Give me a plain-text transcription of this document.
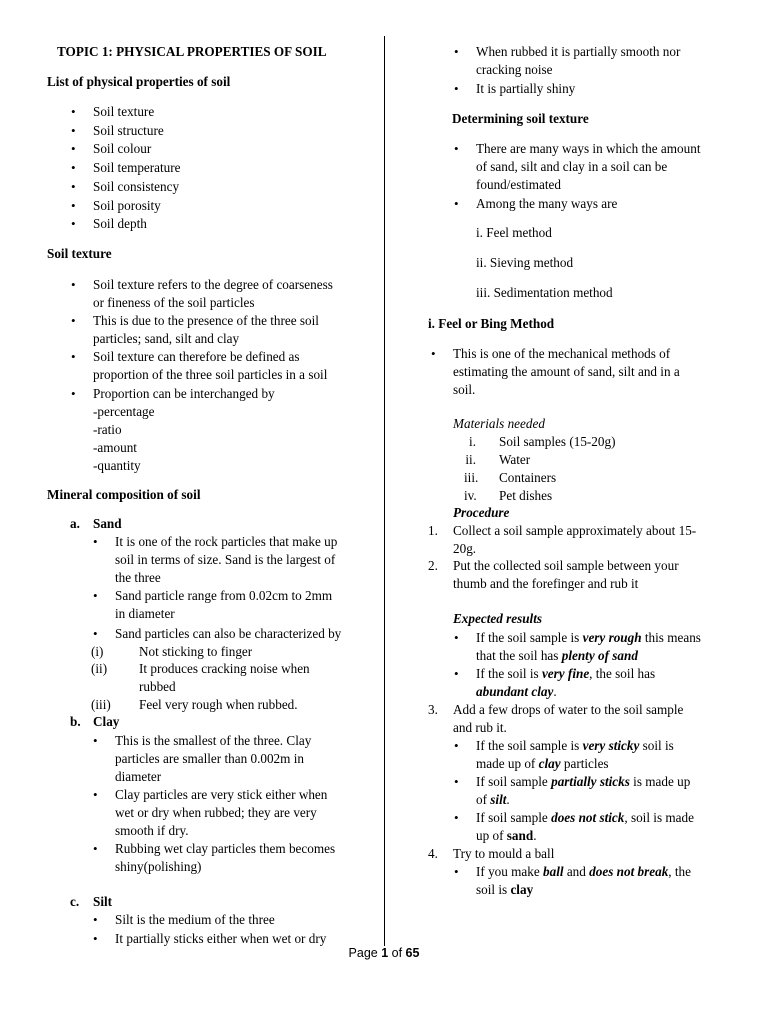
TOPIC 1: PHYSICAL PROPERTIES OF SOIL
List of physical properties of soil
• Soil texture
• Soil structure
• Soil colour
• Soil temperature
• Soil consistency
• Soil porosity
• Soil depth
Soil texture
• Soil texture refers to the degree of coarseness
or fineness of the soil particles
• This is due to the presence of the three soil
particles; sand, silt and clay
• Soil texture can therefore be defined as
proportion of the three soil particles in a soil
• Proportion can be interchanged by
-percentage
-ratio
-amount
-quantity
Mineral composition of soil
a. Sand
• It is one of the rock particles that make up
soil in terms of size. Sand is the largest of
the three
• Sand particle range from 0.02cm to 2mm
in diameter
• Sand particles can also be characterized by
(i)	Not sticking to finger
(ii) It produces cracking noise when
rubbed
(iii) Feel very rough when rubbed.
b. Clay
• This is the smallest of the three. Clay
particles are smaller than 0.002m in
diameter
• Clay particles are very stick either when
wet or dry when rubbed; they are very
smooth if dry.
• Rubbing wet clay particles them becomes
shiny(polishing)
c. Silt
• Silt is the medium of the three
• It partially sticks either when wet or dry
• When rubbed it is partially smooth nor
cracking noise
• It is partially shiny
Determining soil texture
• There are many ways in which the amount
of sand, silt and clay in a soil can be
found/estimated
• Among the many ways are
i. Feel method
ii. Sieving method
iii. Sedimentation method
i. Feel or Bing Method
• This is one of the mechanical methods of
estimating the amount of sand, silt and in a
soil.
Materials needed
i. Soil samples (15-20g)
ii. Water
iii. Containers
iv. Pet dishes
Procedure
1. Collect a soil sample approximately about 15-
20g.
2. Put the collected soil sample between your
thumb and the forefinger and rub it
Expected results
• If the soil sample is very rough this means
that the soil has plenty of sand
• If the soil is very fine, the soil has
abundant clay.
3. Add a few drops of water to the soil sample
and rub it.
• If the soil sample is very sticky soil is
made up of clay particles
• If soil sample partially sticks is made up
of silt.
• If soil sample does not stick, soil is made
up of sand.
4. Try to mould a ball
• If you make ball and does not break, the
soil is clay
Page 1 of 65
